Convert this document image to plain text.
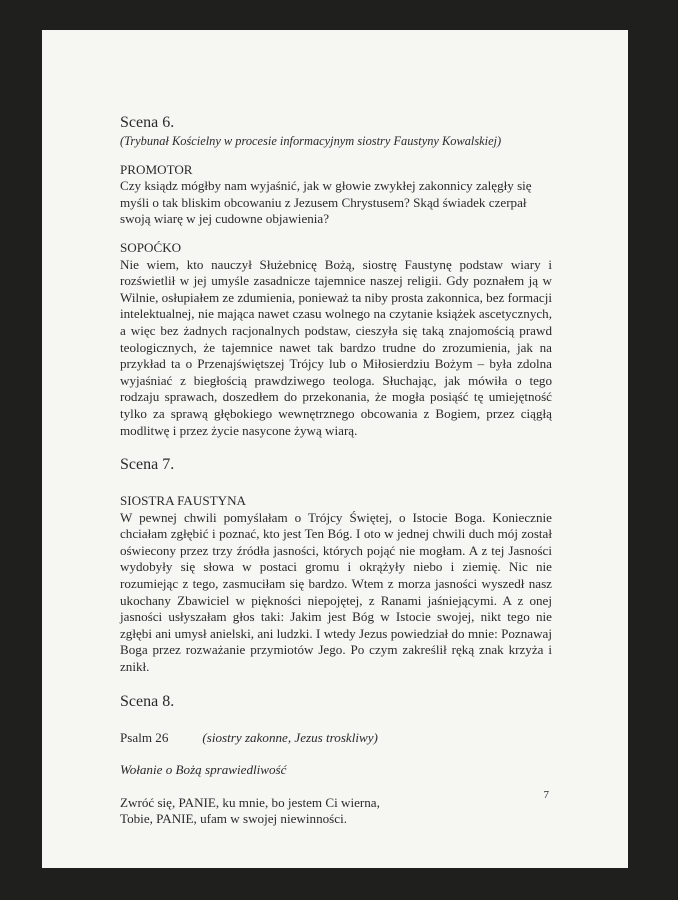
Scena 6.

(Trybunał Kościelny w procesie informacyjnym siostry Faustyny Kowalskiej)

PROMOTOR

Czy ksiądz mógłby nam wyjaśnić, jak w głowie zwykłej zakonnicy zalęgły się myśli o tak bliskim obcowaniu z Jezusem Chrystusem? Skąd świadek czerpał swoją wiarę w jej cudowne objawienia?

SOPOĆKO

Nie wiem, kto nauczył Służebnicę Bożą, siostrę Faustynę podstaw wiary i rozświetlił w jej umyśle zasadnicze tajemnice naszej religii. Gdy poznałem ją w Wilnie, osłupiałem ze zdumienia, ponieważ ta niby prosta zakonnica, bez formacji intelektualnej, nie mająca nawet czasu wolnego na czytanie książek ascetycznych, a więc bez żadnych racjonalnych podstaw, cieszyła się taką znajomością prawd teologicznych, że tajemnice nawet tak bardzo trudne do zrozumienia, jak na przykład ta o Przenajświętszej Trójcy lub o Miłosierdziu Bożym – była zdolna wyjaśniać z biegłością prawdziwego teologa. Słuchając, jak mówiła o tego rodzaju sprawach, doszedłem do przekonania, że mogła posiąść tę umiejętność tylko za sprawą głębokiego wewnętrznego obcowania z Bogiem, przez ciągłą modlitwę i przez życie nasycone żywą wiarą.

Scena 7.

SIOSTRA FAUSTYNA

W pewnej chwili pomyślałam o Trójcy Świętej, o Istocie Boga. Koniecznie chciałam zgłębić i poznać, kto jest Ten Bóg. I oto w jednej chwili duch mój został oświecony przez trzy źródła jasności, których pojąć nie mogłam. A z tej Jasności wydobyły się słowa w postaci gromu i okrążyły niebo i ziemię. Nic nie rozumiejąc z tego, zasmuciłam się bardzo. Wtem z morza jasności wyszedł nasz ukochany Zbawiciel w piękności niepojętej, z Ranami jaśniejącymi. A z onej jasności usłyszałam głos taki: Jakim jest Bóg w Istocie swojej, nikt tego nie zgłębi ani umysł anielski, ani ludzki. I wtedy Jezus powiedział do mnie: Poznawaj Boga przez rozważanie przymiotów Jego. Po czym zakreślił ręką znak krzyża i znikł.

Scena 8.

Psalm 26	(siostry zakonne, Jezus troskliwy)

Wołanie o Bożą sprawiedliwość

Zwróć się, PANIE, ku mnie, bo jestem Ci wierna,

Tobie, PANIE, ufam w swojej niewinności.

7
